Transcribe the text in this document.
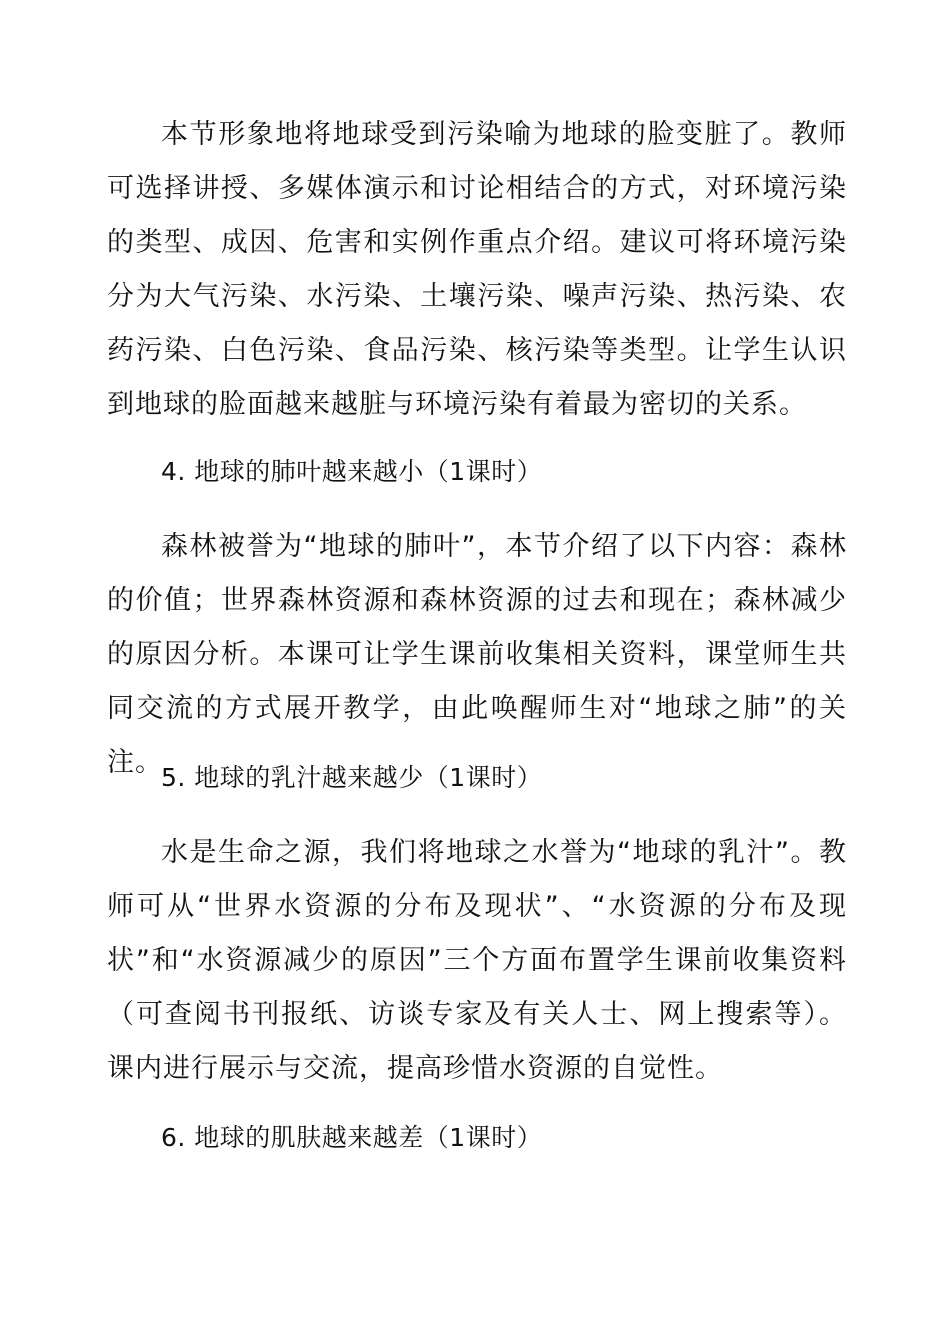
本节形象地将地球受到污染喻为地球的脸变脏了。教师可选择讲授、多媒体演示和讨论相结合的方式，对环境污染的类型、成因、危害和实例作重点介绍。建议可将环境污染分为大气污染、水污染、土壤污染、噪声污染、热污染、农药污染、白色污染、食品污染、核污染等类型。让学生认识到地球的脸面越来越脏与环境污染有着最为密切的关系。

4. 地球的肺叶越来越小（1课时）

森林被誉为“地球的肺叶”，本节介绍了以下内容：森林的价值；世界森林资源和森林资源的过去和现在；森林减少的原因分析。本课可让学生课前收集相关资料，课堂师生共同交流的方式展开教学，由此唤醒师生对“地球之肺”的关注。

5. 地球的乳汁越来越少（1课时）

水是生命之源，我们将地球之水誉为“地球的乳汁”。教师可从“世界水资源的分布及现状”、“水资源的分布及现状”和“水资源减少的原因”三个方面布置学生课前收集资料（可查阅书刊报纸、访谈专家及有关人士、网上搜索等）。课内进行展示与交流，提高珍惜水资源的自觉性。

6. 地球的肌肤越来越差（1课时）
